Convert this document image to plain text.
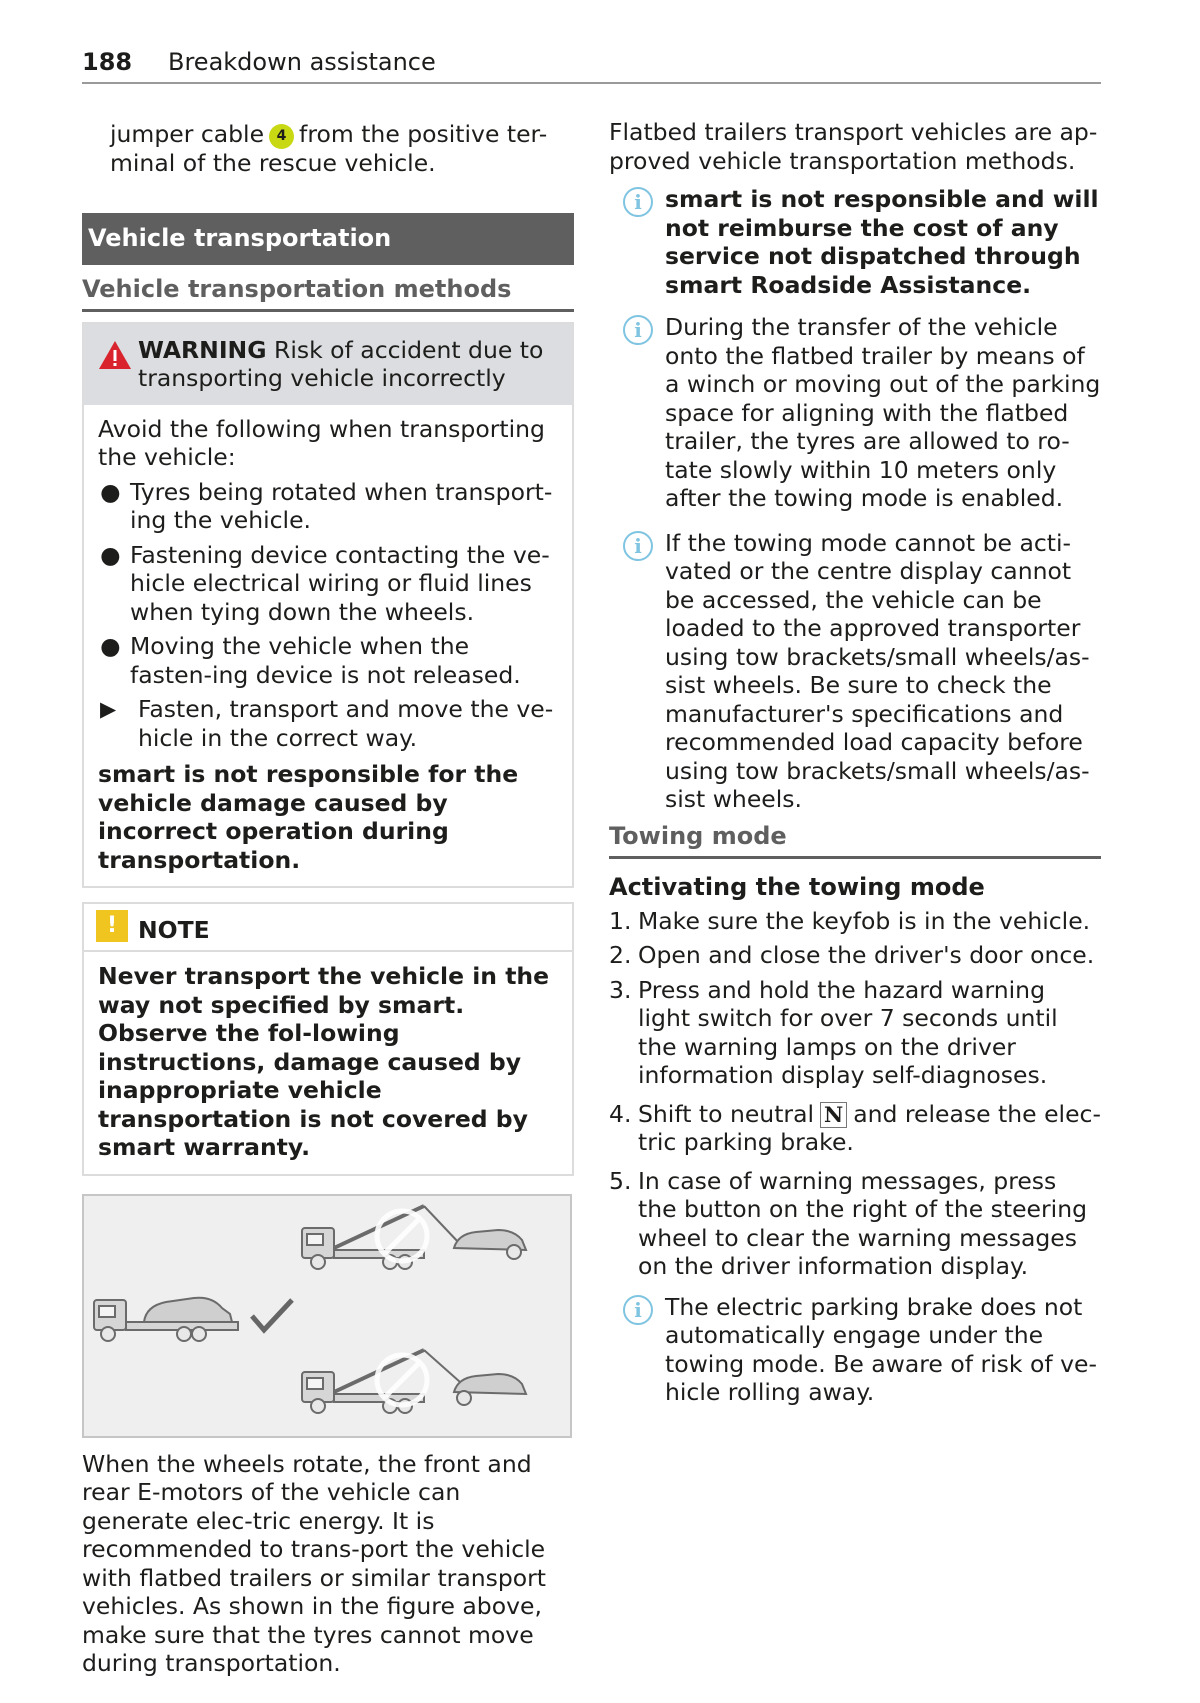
188 Breakdown assistance
jumper cable 4 from the positive ter-minal of the rescue vehicle.
Vehicle transportation
Vehicle transportation methods
WARNING Risk of accident due to transporting vehicle incorrectly
Avoid the following when transporting the vehicle:
● Tyres being rotated when transport-ing the vehicle.
● Fastening device contacting the ve-hicle electrical wiring or fluid lines when tying down the wheels.
● Moving the vehicle when the fasten-ing device is not released.
▶ Fasten, transport and move the ve-hicle in the correct way.
smart is not responsible for the vehicle damage caused by incorrect operation during transportation.
! NOTE
Never transport the vehicle in the way not specified by smart. Observe the fol-lowing instructions, damage caused by inappropriate vehicle transportation is not covered by smart warranty.
When the wheels rotate, the front and rear E-motors of the vehicle can generate elec-tric energy. It is recommended to trans-port the vehicle with flatbed trailers or similar transport vehicles. As shown in the figure above, make sure that the tyres cannot move during transportation.
Flatbed trailers transport vehicles are ap-proved vehicle transportation methods.
i smart is not responsible and will not reimburse the cost of any service not dispatched through smart Roadside Assistance.
i During the transfer of the vehicle onto the flatbed trailer by means of a winch or moving out of the parking space for aligning with the flatbed trailer, the tyres are allowed to ro-tate slowly within 10 meters only after the towing mode is enabled.
i If the towing mode cannot be acti-vated or the centre display cannot be accessed, the vehicle can be loaded to the approved transporter using tow brackets/small wheels/as-sist wheels. Be sure to check the manufacturer's specifications and recommended load capacity before using tow brackets/small wheels/as-sist wheels.
Towing mode
Activating the towing mode
1. Make sure the keyfob is in the vehicle.
2. Open and close the driver's door once.
3. Press and hold the hazard warning light switch for over 7 seconds until the warning lamps on the driver information display self-diagnoses.
4. Shift to neutral N and release the elec-tric parking brake.
5. In case of warning messages, press the button on the right of the steering wheel to clear the warning messages on the driver information display.
i The electric parking brake does not automatically engage under the towing mode. Be aware of risk of ve-hicle rolling away.
